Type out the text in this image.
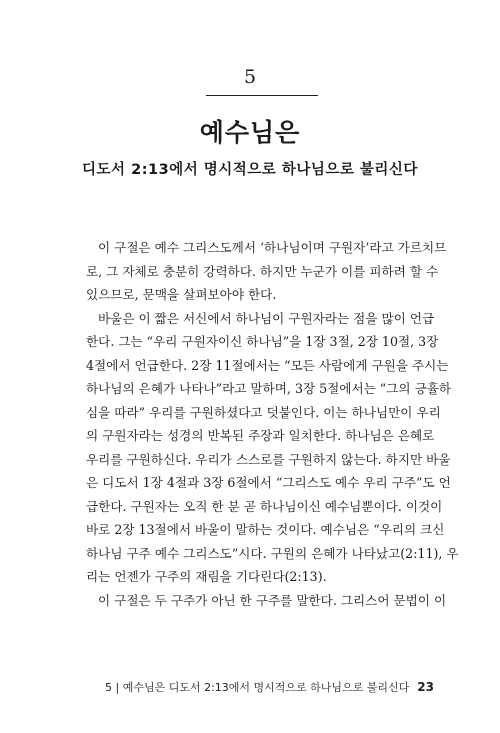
5
예수님은
디도서 2:13에서 명시적으로 하나님으로 불리신다
이 구절은 예수 그리스도께서 ‘하나님이며 구원자’라고 가르치므
로, 그 자체로 충분히 강력하다. 하지만 누군가 이를 피하려 할 수
있으므로, 문맥을 살펴보아야 한다.
바울은 이 짧은 서신에서 하나님이 구원자라는 점을 많이 언급
한다. 그는 “우리 구원자이신 하나님”을 1장 3절, 2장 10절, 3장
4절에서 언급한다. 2장 11절에서는 “모든 사람에게 구원을 주시는
하나님의 은혜가 나타나”라고 말하며, 3장 5절에서는 “그의 긍휼하
심을 따라” 우리를 구원하셨다고 덧붙인다. 이는 하나님만이 우리
의 구원자라는 성경의 반복된 주장과 일치한다. 하나님은 은혜로
우리를 구원하신다. 우리가 스스로를 구원하지 않는다. 하지만 바울
은 디도서 1장 4절과 3장 6절에서 “그리스도 예수 우리 구주”도 언
급한다. 구원자는 오직 한 분 곧 하나님이신 예수님뿐이다. 이것이
바로 2장 13절에서 바울이 말하는 것이다. 예수님은 “우리의 크신
하나님 구주 예수 그리스도”시다. 구원의 은혜가 나타났고(2:11), 우
리는 언젠가 구주의 재림을 기다린다(2:13).
이 구절은 두 구주가 아닌 한 구주를 말한다. 그리스어 문법이 이
5 | 예수님은 디도서 2:13에서 명시적으로 하나님으로 불리신다 23
